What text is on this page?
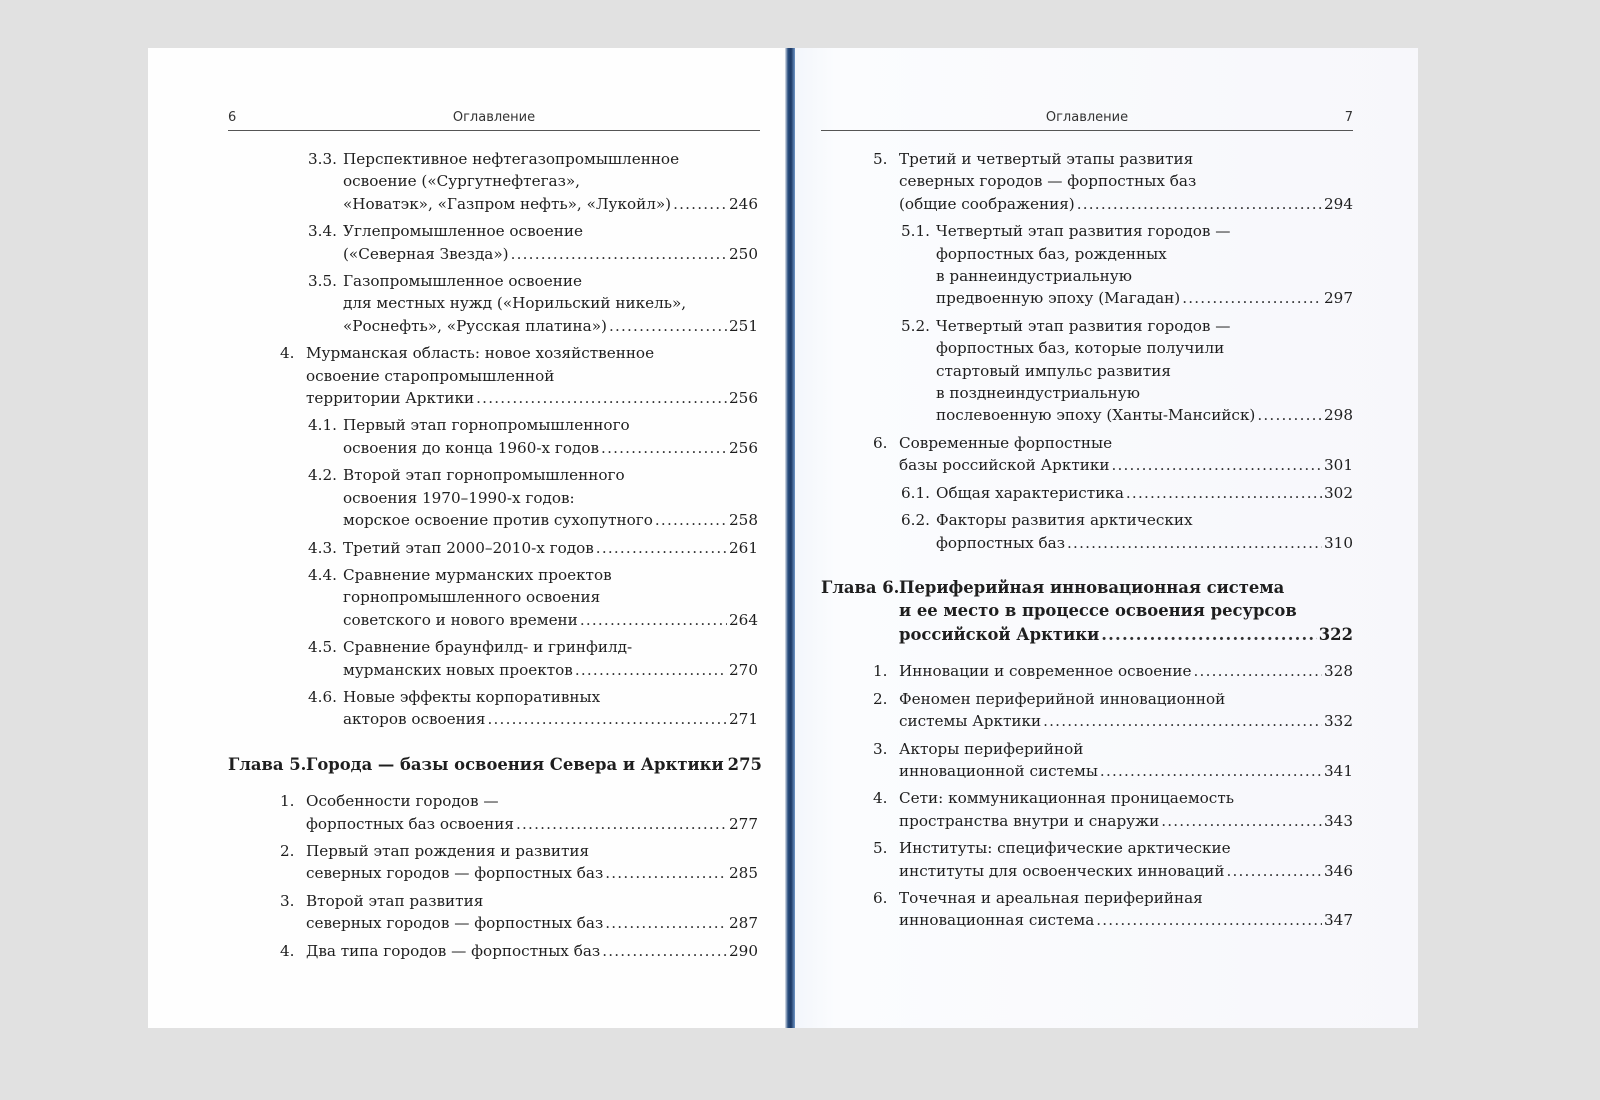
6	Оглавление
3.3. Перспективное нефтегазопромышленное
освоение («Сургутнефтегаз»,
«Новатэк», «Газпром нефть», «Лукойл») .....	246
3.4. Углепромышленное освоение
(«Северная Звезда») .....	250
3.5. Газопромышленное освоение
для местных нужд («Норильский никель»,
«Роснефть», «Русская платина») .....	251
4. Мурманская область: новое хозяйственное
освоение старопромышленной
территории Арктики .....	256
4.1. Первый этап горнопромышленного
освоения до конца 1960-х годов .....	256
4.2. Второй этап горнопромышленного
освоения 1970–1990-х годов:
морское освоение против сухопутного .....	258
4.3. Третий этап 2000–2010-х годов .....	261
4.4. Сравнение мурманских проектов
горнопромышленного освоения
советского и нового времени .....	264
4.5. Сравнение браунфилд- и гринфилд-
мурманских новых проектов .....	270
4.6. Новые эффекты корпоративных
акторов освоения .....	271
Глава 5. Города — базы освоения Севера и Арктики 275
1. Особенности городов —
форпостных баз освоения .....	277
2. Первый этап рождения и развития
северных городов — форпостных баз .....	285
3. Второй этап развития
северных городов — форпостных баз .....	287
4. Два типа городов — форпостных баз .....	290
7
Оглавление
5. Третий и четвертый этапы развития
северных городов — форпостных баз
(общие соображения) .....	294
5.1. Четвертый этап развития городов —
форпостных баз, рожденных
в раннеиндустриальную
предвоенную эпоху (Магадан) .....	297
5.2. Четвертый этап развития городов —
форпостных баз, которые получили
стартовый импульс развития
в позднеиндустриальную
послевоенную эпоху (Ханты-Мансийск) .....	298
6. Современные форпостные
базы российской Арктики .....	301
6.1. Общая характеристика .....	302
6.2. Факторы развития арктических
форпостных баз .....	310
Глава 6. Периферийная инновационная система
и ее место в процессе освоения ресурсов
российской Арктики .....	322
1. Инновации и современное освоение .....	328
2. Феномен периферийной инновационной
системы Арктики .....	332
3. Акторы периферийной
инновационной системы .....	341
4. Сети: коммуникационная проницаемость
пространства внутри и снаружи .....	343
5. Институты: специфические арктические
институты для освоенческих инноваций .....	346
6. Точечная и ареальная периферийная
инновационная система .....	347
